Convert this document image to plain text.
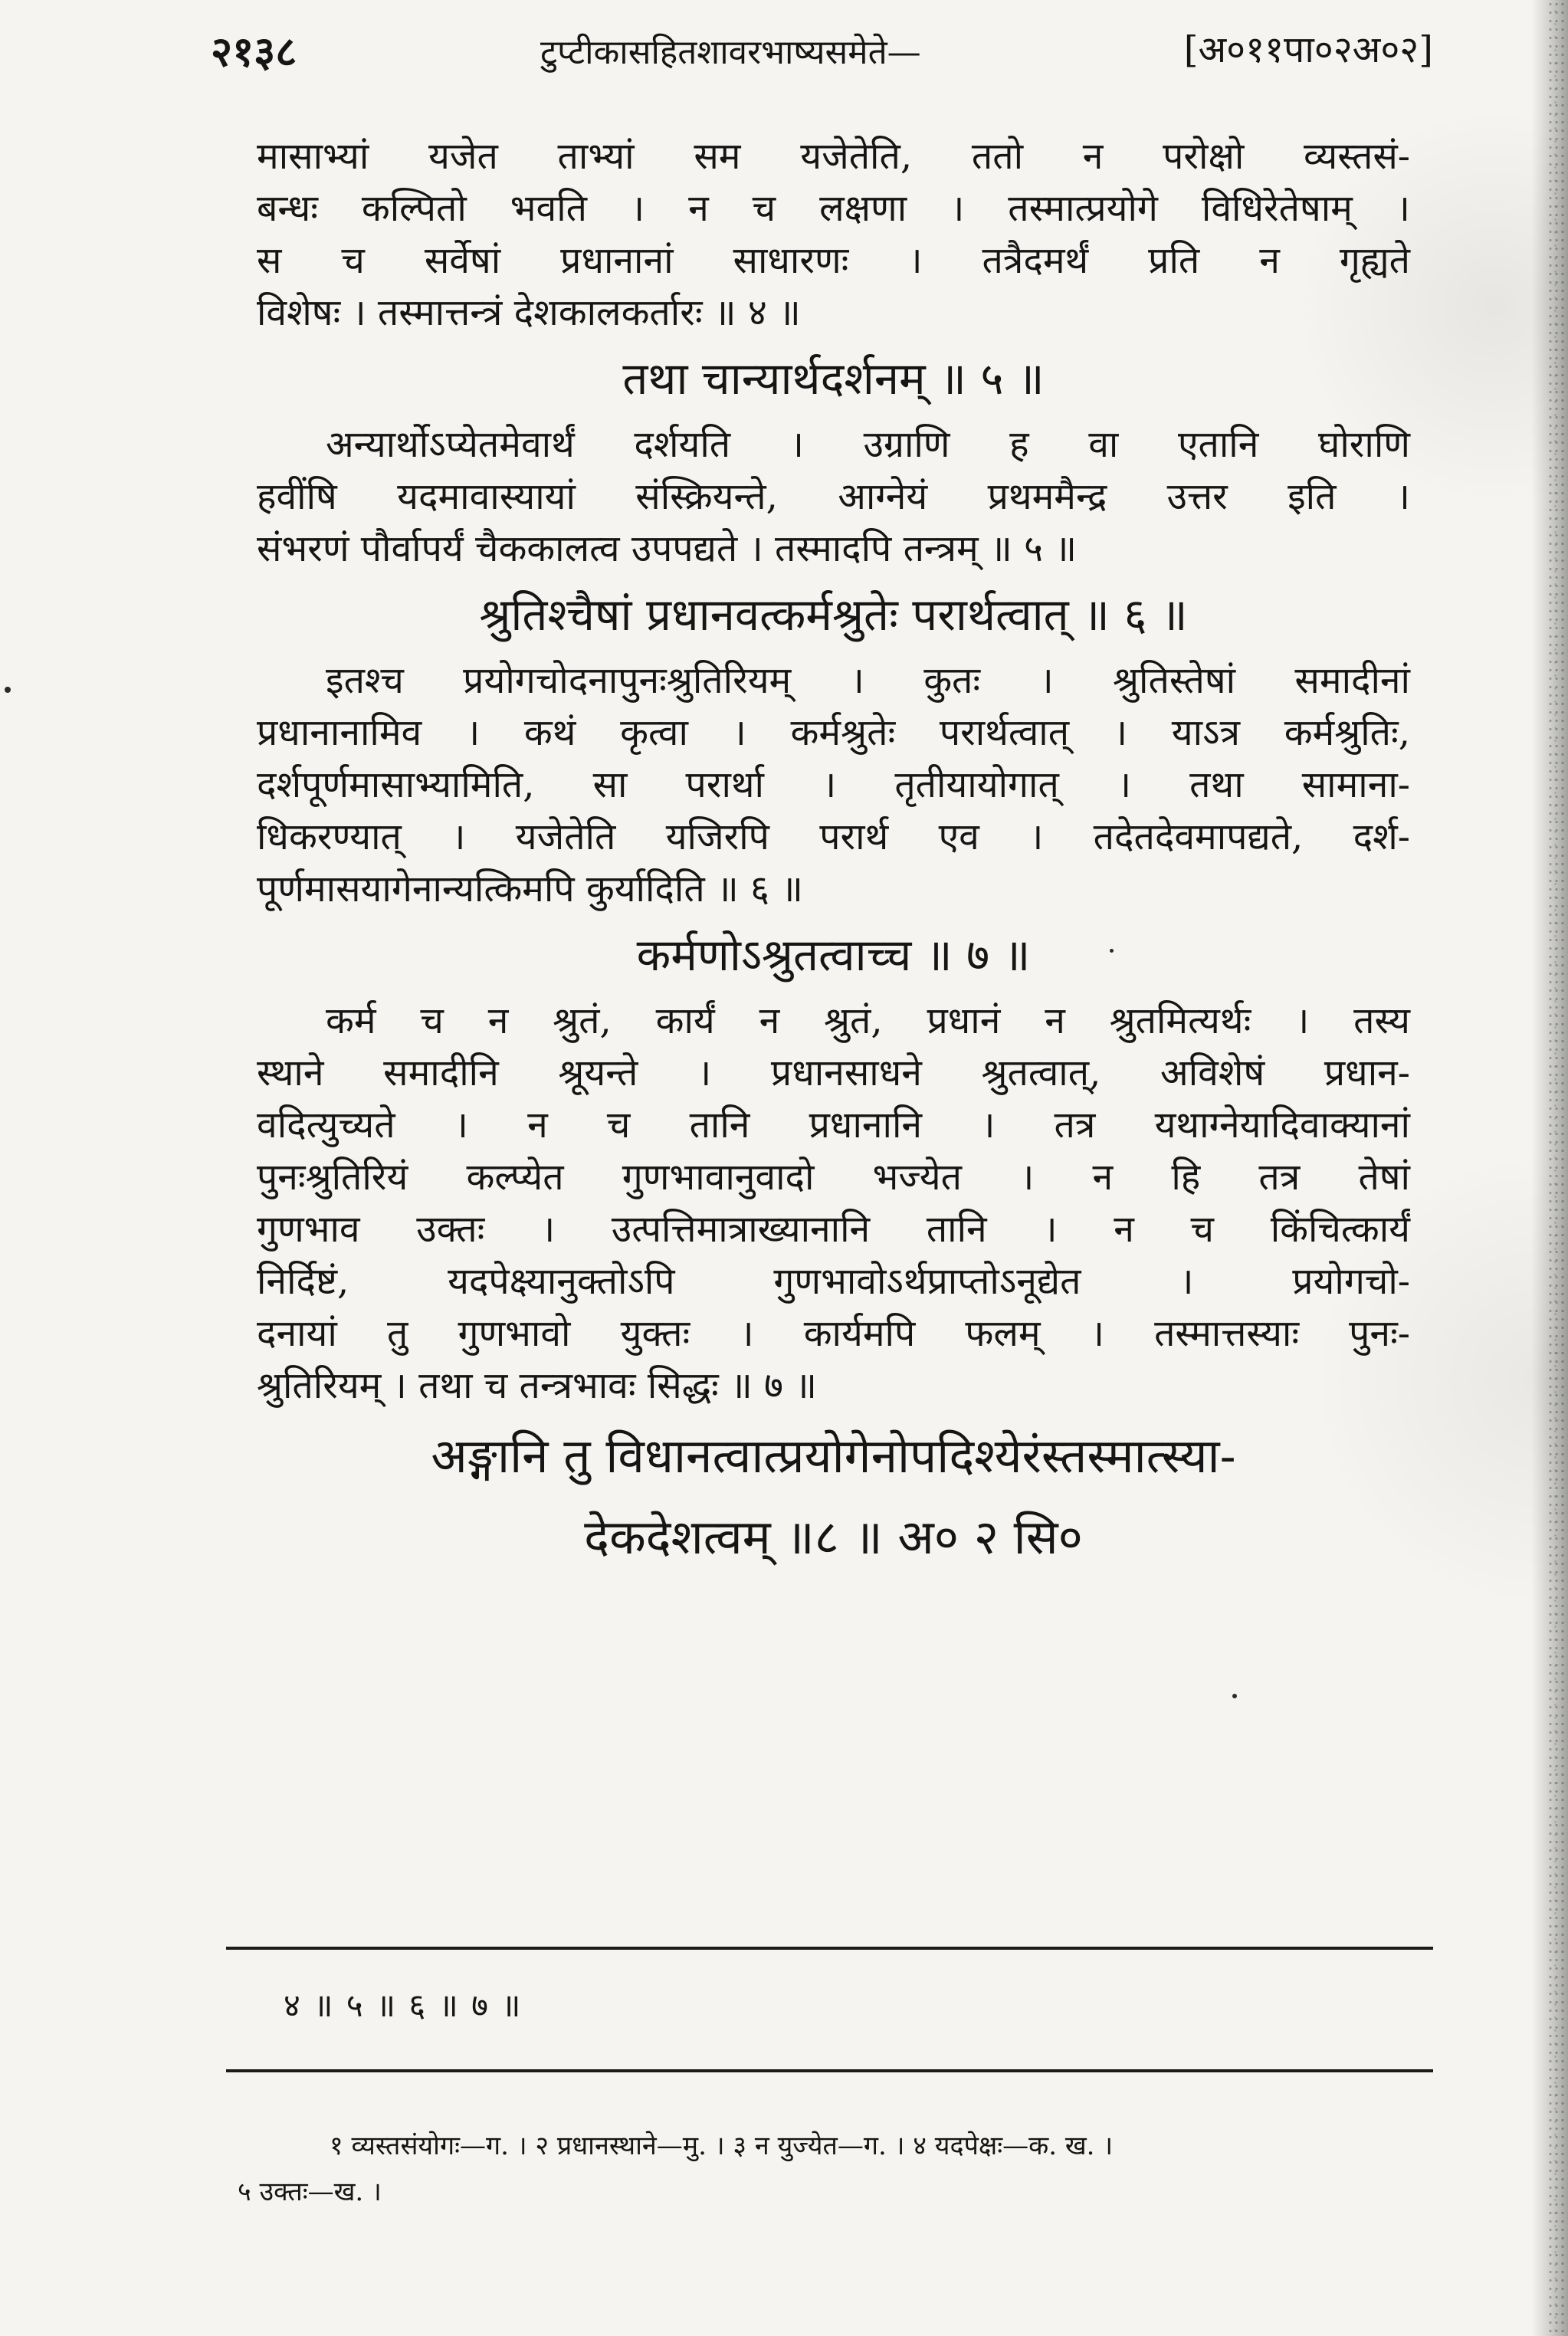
२१३८	टुप्टीकासहितशावरभाष्यसमेते—	[अ०११पा०२अ०२]

मासाभ्यां यजेत ताभ्यां सम यजेतेति, ततो न परोक्षो व्यस्तसं-

बन्धः कल्पितो भवति । न च लक्षणा । तस्मात्प्रयोगे विधिरेतेषाम् ।

स च सर्वेषां प्रधानानां साधारणः । तत्रैदमर्थं प्रति न गृह्यते

विशेषः । तस्मात्तन्त्रं देशकालकर्तारः ॥ ४ ॥

तथा चान्यार्थदर्शनम् ॥ ५ ॥

अन्यार्थोऽप्येतमेवार्थं दर्शयति । उग्राणि ह वा एतानि घोराणि

हवींषि यदमावास्यायां संस्क्रियन्ते, आग्नेयं प्रथममैन्द्र उत्तर इति ।

संभरणं पौर्वापर्यं चैककालत्व उपपद्यते । तस्मादपि तन्त्रम् ॥ ५ ॥

श्रुतिश्चैषां प्रधानवत्कर्मश्रुतेः परार्थत्वात् ॥ ६ ॥

इतश्च प्रयोगचोदनापुनःश्रुतिरियम् । कुतः । श्रुतिस्तेषां समादीनां

प्रधानानामिव । कथं कृत्वा । कर्मश्रुतेः परार्थत्वात् । याऽत्र कर्मश्रुतिः,

दर्शपूर्णमासाभ्यामिति, सा परार्था । तृतीयायोगात् । तथा सामाना-

धिकरण्यात् । यजेतेति यजिरपि परार्थ एव । तदेतदेवमापद्यते, दर्श-

पूर्णमासयागेनान्यत्किमपि कुर्यादिति ॥ ६ ॥

कर्मणोऽश्रुतत्वाच्च ॥ ७ ॥

कर्म च न श्रुतं, कार्यं न श्रुतं, प्रधानं न श्रुतमित्यर्थः । तस्य

स्थाने समादीनि श्रूयन्ते । प्रधानसाधने श्रुतत्वात्, अविशेषं प्रधान-

वदित्युच्यते । न च तानि प्रधानानि । तत्र यथाग्नेयादिवाक्यानां

पुनःश्रुतिरियं कल्प्येत गुणभावानुवादो भज्येत । न हि तत्र तेषां

गुणभाव उक्तः । उत्पत्तिमात्राख्यानानि तानि । न च किंचित्कार्यं

निर्दिष्टं, यदपेक्ष्यानुक्तोऽपि गुणभावोऽर्थप्राप्तोऽनूद्येत । प्रयोगचो-

दनायां तु गुणभावो युक्तः । कार्यमपि फलम् । तस्मात्तस्याः पुनः-

श्रुतिरियम् । तथा च तन्त्रभावः सिद्धः ॥ ७ ॥

अङ्गानि तु विधानत्वात्प्रयोगेनोपदिश्येरंस्तस्मात्स्या-

देकदेशत्वम् ॥८ ॥ अ० २ सि०

४ ॥ ५ ॥ ६ ॥ ७ ॥

१ व्यस्तसंयोगः—ग. । २ प्रधानस्थाने—मु. । ३ न युज्येत—ग. । ४ यदपेक्षः—क. ख. ।

५ उक्तः—ख. ।
